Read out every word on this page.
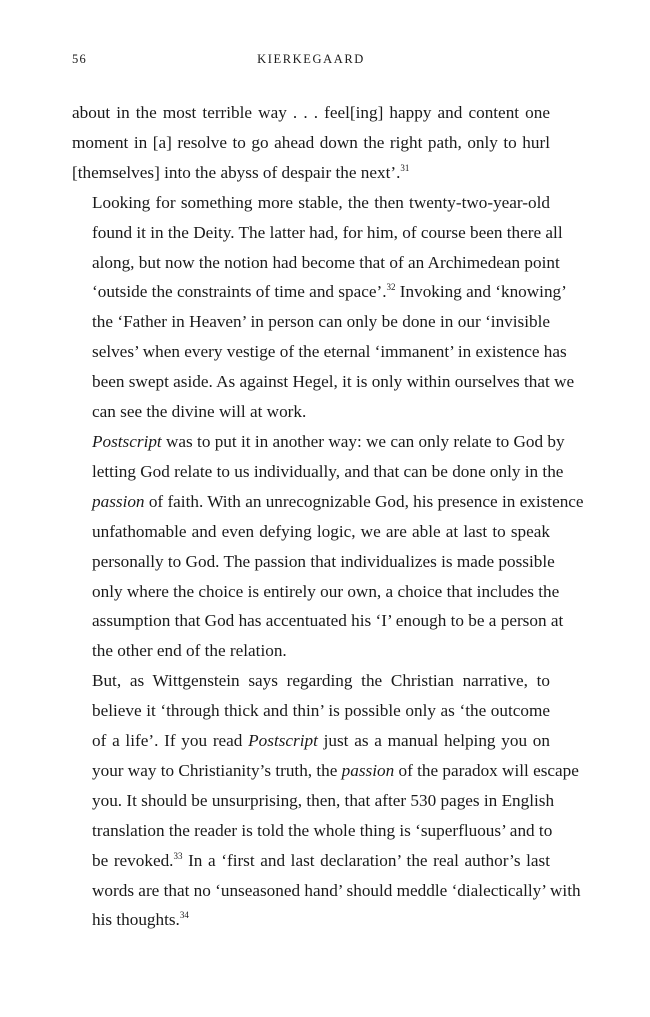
56	KIERKEGAARD
about in the most terrible way . . . feel[ing] happy and content one
moment in [a] resolve to go ahead down the right path, only to hurl
[themselves] into the abyss of despair the next’.$^{31}$
Looking for something more stable, the then twenty-two-year-old
found it in the Deity. The latter had, for him, of course been there all
along, but now the notion had become that of an Archimedean point
‘outside the constraints of time and space’.$^{32}$ Invoking and ‘knowing’
the ‘Father in Heaven’ in person can only be done in our ‘invisible
selves’ when every vestige of the eternal ‘immanent’ in existence has
been swept aside. As against Hegel, it is only within ourselves that we
can see the divine will at work.
Postscript was to put it in another way: we can only relate to God by
letting God relate to us individually, and that can be done only in the
passion of faith. With an unrecognizable God, his presence in existence
unfathomable and even defying logic, we are able at last to speak
personally to God. The passion that individualizes is made possible
only where the choice is entirely our own, a choice that includes the
assumption that God has accentuated his ‘I’ enough to be a person at
the other end of the relation.
But, as Wittgenstein says regarding the Christian narrative, to
believe it ‘through thick and thin’ is possible only as ‘the outcome
of a life’. If you read Postscript just as a manual helping you on
your way to Christianity’s truth, the passion of the paradox will escape
you. It should be unsurprising, then, that after 530 pages in English
translation the reader is told the whole thing is ‘superfluous’ and to
be revoked.$^{33}$ In a ‘first and last declaration’ the real author’s last
words are that no ‘unseasoned hand’ should meddle ‘dialectically’ with
his thoughts.$^{34}$
